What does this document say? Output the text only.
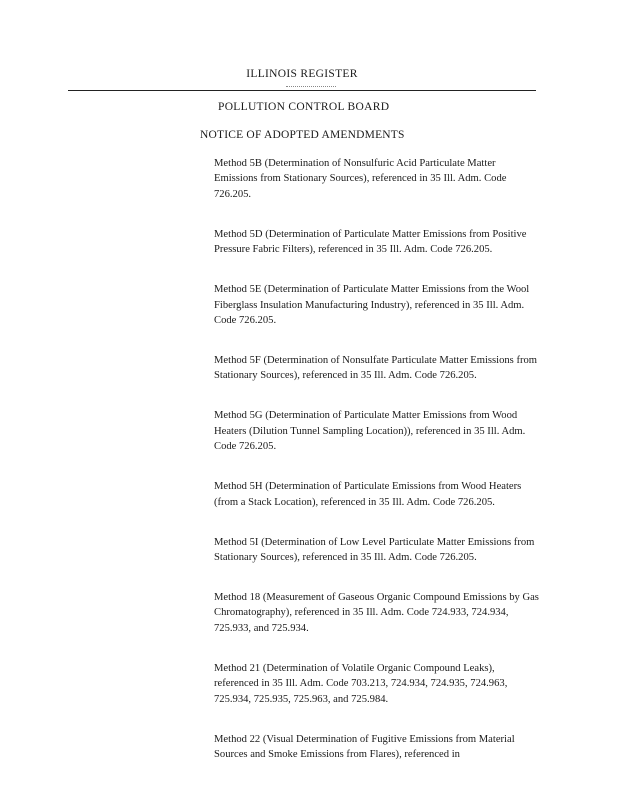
ILLINOIS REGISTER
POLLUTION CONTROL BOARD
NOTICE OF ADOPTED AMENDMENTS
Method 5B (Determination of Nonsulfuric Acid Particulate Matter Emissions from Stationary Sources), referenced in 35 Ill. Adm. Code 726.205.
Method 5D (Determination of Particulate Matter Emissions from Positive Pressure Fabric Filters), referenced in 35 Ill. Adm. Code 726.205.
Method 5E (Determination of Particulate Matter Emissions from the Wool Fiberglass Insulation Manufacturing Industry), referenced in 35 Ill. Adm. Code 726.205.
Method 5F (Determination of Nonsulfate Particulate Matter Emissions from Stationary Sources), referenced in 35 Ill. Adm. Code 726.205.
Method 5G (Determination of Particulate Matter Emissions from Wood Heaters (Dilution Tunnel Sampling Location)), referenced in 35 Ill. Adm. Code 726.205.
Method 5H (Determination of Particulate Emissions from Wood Heaters (from a Stack Location), referenced in 35 Ill. Adm. Code 726.205.
Method 5I (Determination of Low Level Particulate Matter Emissions from Stationary Sources), referenced in 35 Ill. Adm. Code 726.205.
Method 18 (Measurement of Gaseous Organic Compound Emissions by Gas Chromatography), referenced in 35 Ill. Adm. Code 724.933, 724.934, 725.933, and 725.934.
Method 21 (Determination of Volatile Organic Compound Leaks), referenced in 35 Ill. Adm. Code 703.213, 724.934, 724.935, 724.963, 725.934, 725.935, 725.963, and 725.984.
Method 22 (Visual Determination of Fugitive Emissions from Material Sources and Smoke Emissions from Flares), referenced in
